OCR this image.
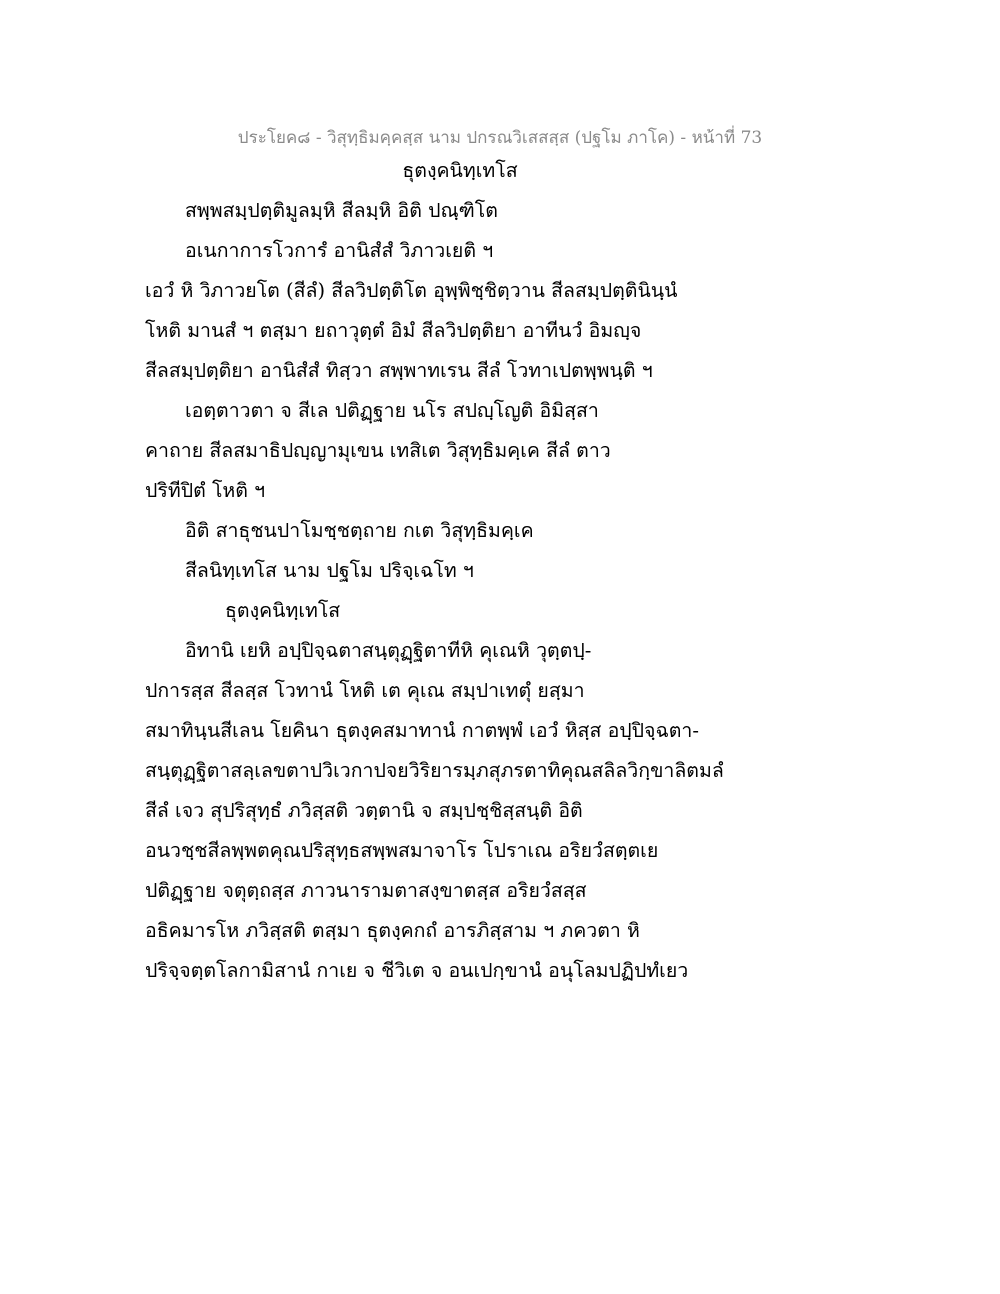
ประโยค๘ - วิสุทฺธิมคฺคสฺส นาม ปกรณวิเสสสฺส (ปฐโม ภาโค) - หน้าที่ 73
ธุตงฺคนิทฺเทโส
สพฺพสมฺปตฺติมูลมฺหิ สีลมฺหิ อิติ ปณฺฑิโต
อเนกาการโวการํ อานิสํสํ วิภาวเยติ ฯ
เอวํ หิ วิภาวยโต (สีลํ) สีลวิปตฺติโต อุพฺพิชฺชิตฺวาน สีลสมฺปตฺตินินฺนํ
โหติ มานสํ ฯ ตสฺมา ยถาวุตฺตํ อิมํ สีลวิปตฺติยา อาทีนวํ อิมญฺจ
สีลสมฺปตฺติยา อานิสํสํ ทิสฺวา สพฺพาทเรน สีลํ โวทาเปตพฺพนฺติ ฯ
เอตฺตาวตา จ สีเล ปติฏฺฐาย นโร สปญฺโญติ อิมิสฺสา
คาถาย สีลสมาธิปญฺญามุเขน เทสิเต วิสุทฺธิมคฺเค สีลํ ตาว
ปริทีปิตํ โหติ ฯ
อิติ สาธุชนปาโมชฺชตฺถาย กเต วิสุทฺธิมคฺเค
สีลนิทฺเทโส นาม ปฐโม ปริจฺเฉโท ฯ
ธุตงฺคนิทฺเทโส
อิทานิ เยหิ อปฺปิจฺฉตาสนฺตุฏฺฐิตาทีหิ คุเณหิ วุตฺตปฺ-
ปการสฺส สีลสฺส โวทานํ โหติ เต คุเณ สมฺปาเทตุํ ยสฺมา
สมาทินฺนสีเลน โยคินา ธุตงฺคสมาทานํ กาตพฺพํ เอวํ หิสฺส อปฺปิจฺฉตา-
สนฺตุฏฺฐิตาสลฺเลขตาปวิเวกาปจยวิริยารมฺภสุภรตาทิคุณสลิลวิกฺขาลิตมลํ
สีลํ เจว สุปริสุทฺธํ ภวิสฺสติ วตฺตานิ จ สมฺปชฺชิสฺสนฺติ อิติ
อนวชฺชสีลพฺพตคุณปริสุทฺธสพฺพสมาจาโร โปราเณ อริยวํสตฺตเย
ปติฏฺฐาย จตุตฺถสฺส ภาวนารามตาสงฺขาตสฺส อริยวํสสฺส
อธิคมารโห ภวิสฺสติ ตสฺมา ธุตงฺคกถํ อารภิสฺสาม ฯ ภควตา หิ
ปริจฺจตฺตโลกามิสานํ กาเย จ ชีวิเต จ อนเปกฺขานํ อนุโลมปฏิปทํเยว
